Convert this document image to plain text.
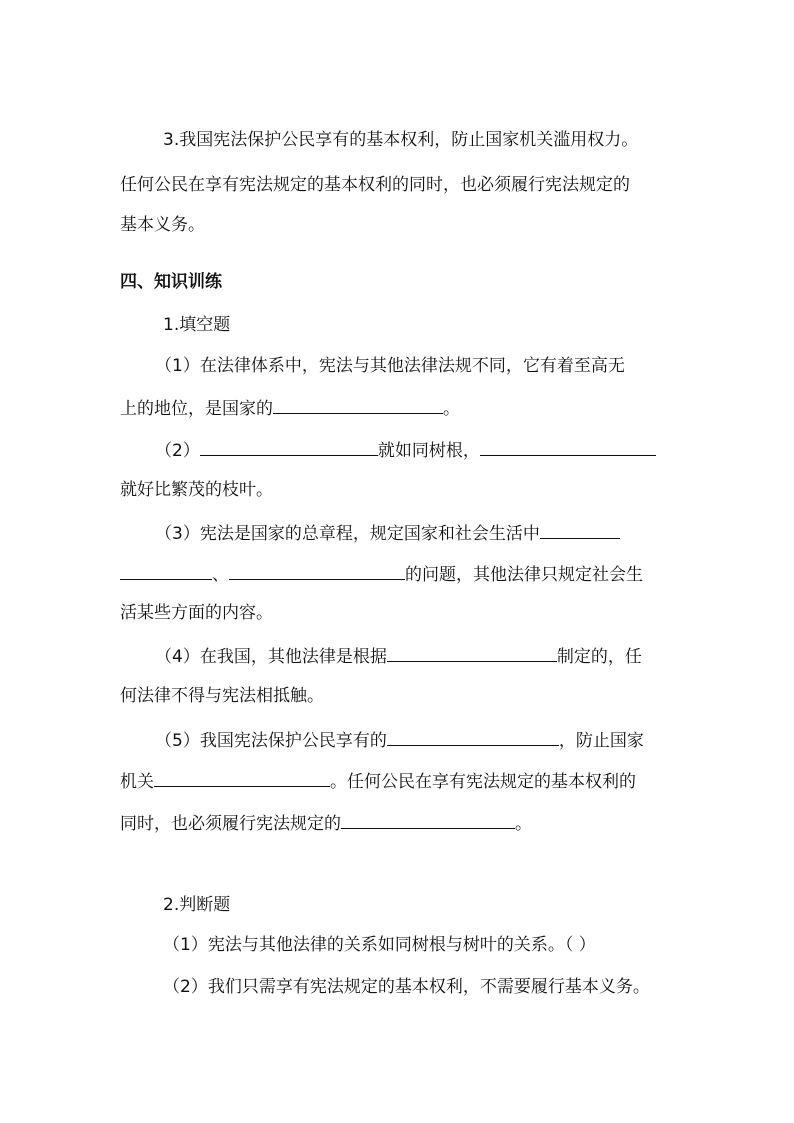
3.我国宪法保护公民享有的基本权利，防止国家机关滥用权力。
任何公民在享有宪法规定的基本权利的同时，也必须履行宪法规定的
基本义务。
四、知识训练
1.填空题
（1）在法律体系中，宪法与其他法律法规不同，它有着至高无
上的地位，是国家的	。
（2）	就如同树根，
就好比繁茂的枝叶。
（3）宪法是国家的总章程，规定国家和社会生活中
、	的问题，其他法律只规定社会生
活某些方面的内容。
（4）在我国，其他法律是根据	制定的，任
何法律不得与宪法相抵触。
（5）我国宪法保护公民享有的	，防止国家
机关	。任何公民在享有宪法规定的基本权利的
同时，也必须履行宪法规定的	。
2.判断题
（1）宪法与其他法律的关系如同树根与树叶的关系。（ ）
（2）我们只需享有宪法规定的基本权利，不需要履行基本义务。
